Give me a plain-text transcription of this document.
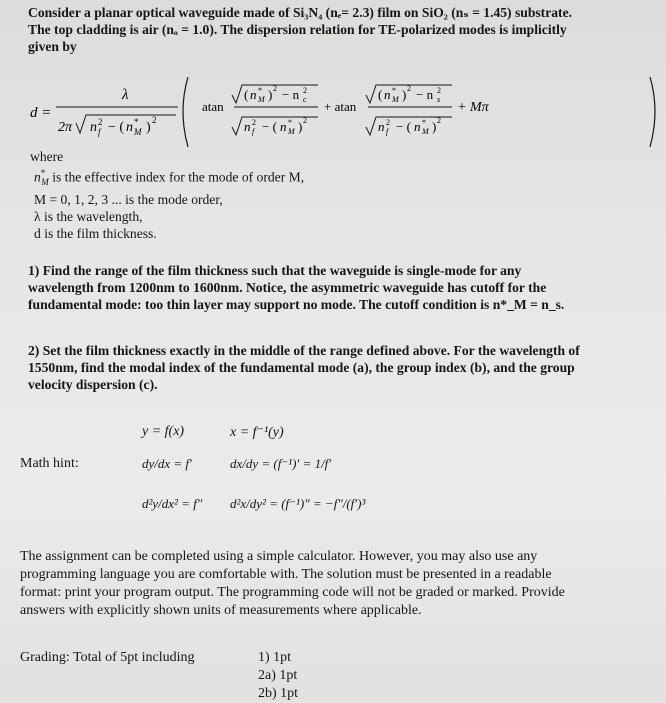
Consider a planar optical waveguide made of Si₃N₄ (nₑ= 2.3) film on SiO₂ (nₛ = 1.45) substrate.
The top cladding is air (nₒ = 1.0). The dispersion relation for TE-polarized modes is implicitly
given by
d =
λ
2π n 2
f − ( n *
M ) 2
atan
( n *
M ) 2 − n 2
c
n 2
f − ( n *
M ) 2
+ atan
( n *
M ) 2 − n 2
s
n 2
f − ( n *
M ) 2
+ Mπ
where
$n^*_M$ is the effective index for the mode of order M,
M = 0, 1, 2, 3 ... is the mode order,
λ is the wavelength,
d is the film thickness.
1) Find the range of the film thickness such that the waveguide is single-mode for any
wavelength from 1200nm to 1600nm. Notice, the asymmetric waveguide has cutoff for the
fundamental mode: too thin layer may support no mode. The cutoff condition is n*_M = n_s.
2) Set the film thickness exactly in the middle of the range defined above. For the wavelength of
1550nm, find the modal index of the fundamental mode (a), the group index (b), and the group
velocity dispersion (c).
Math hint:
y = f(x)	x = f⁻¹(y)
dy/dx = f′	dx/dy = (f⁻¹)′ = 1/f′
d²y/dx² = f″ d²x/dy² = (f⁻¹)″ = −f″/(f′)³
The assignment can be completed using a simple calculator. However, you may also use any
programming language you are comfortable with. The solution must be presented in a readable
format: print your program output. The programming code will not be graded or marked. Provide
answers with explicitly shown units of measurements where applicable.
Grading: Total of 5pt including	1) 1pt
2a) 1pt
2b) 1pt
